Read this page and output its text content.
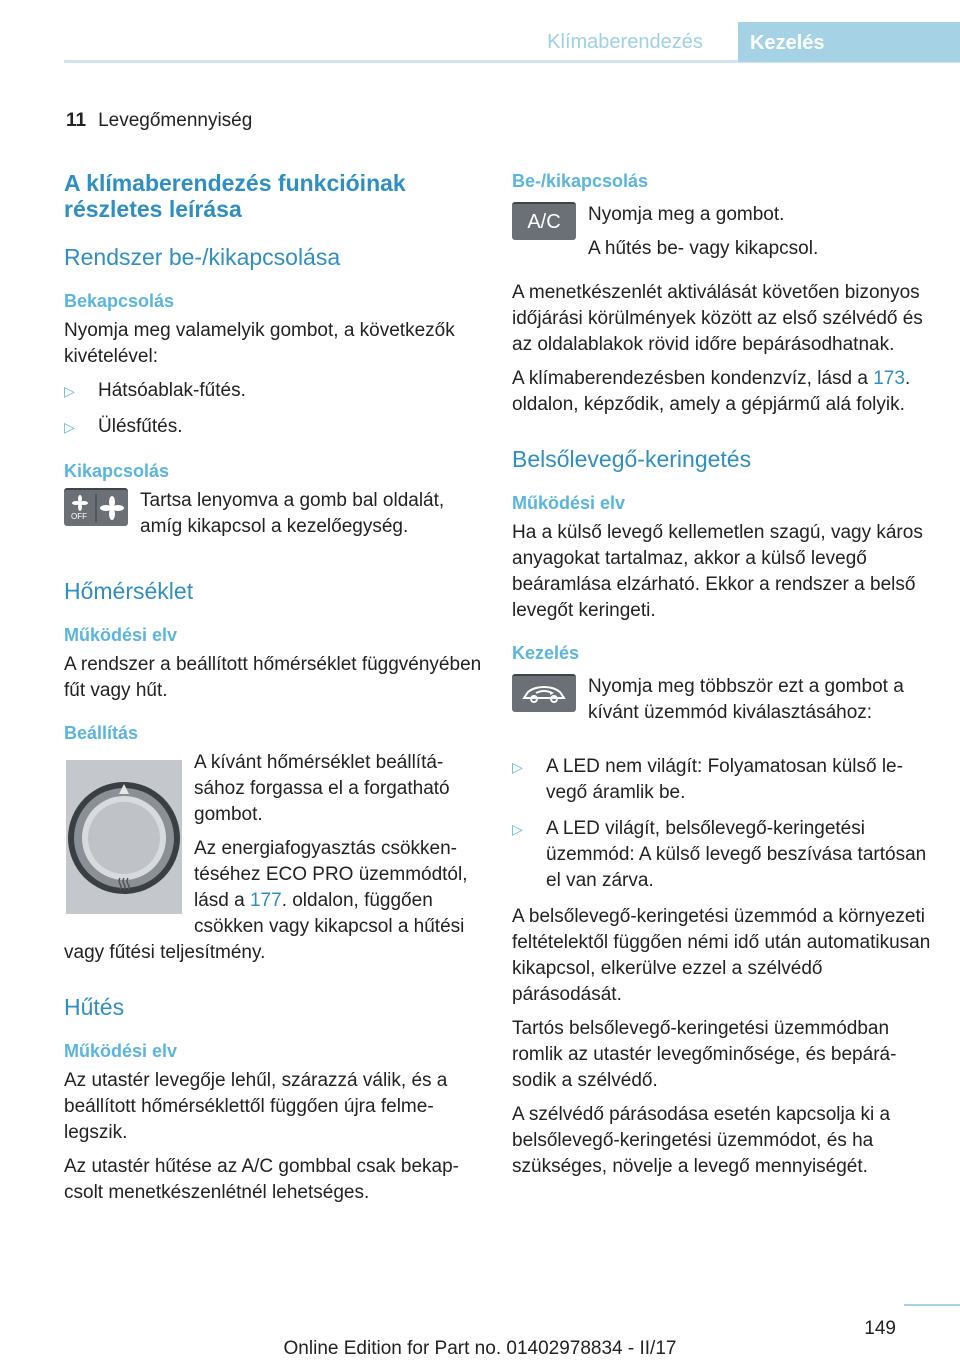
Klímaberendezés	Kezelés
11 Levegőmennyiség
A klímaberendezés funkcióinak részletes leírása
Rendszer be-/kikapcsolása
Bekapcsolás
Nyomja meg valamelyik gombot, a következők kivételével:
▷	Hátsóablak-fűtés.
▷	Ülésfűtés.
Kikapcsolás
OFF
Tartsa lenyomva a gomb bal oldalát, amíg kikapcsol a kezelőegység.
Hőmérséklet
Működési elv
A rendszer a beállított hőmérséklet függvényében fűt vagy hűt.
Beállítás
A kívánt hőmérséklet beállításához forgassa el a forgatható gombot.
Az energiafogyasztás csökkentéséhez ECO PRO üzemmódtól, lásd a 177. oldalon, függően csökken vagy kikapcsol a hűtési vagy fűtési teljesítmény.
Hűtés
Működési elv
Az utastér levegője lehűl, szárazzá válik, és a beállított hőmérséklettől függően újra felmelegszik.
Az utastér hűtése az A/C gombbal csak bekapcsolt menetkészenlétnél lehetséges.
Be-/kikapcsolás
A/C	Nyomja meg a gombot.
A hűtés be- vagy kikapcsol.
A menetkészenlét aktiválását követően bizonyos időjárási körülmények között az első szélvédő és az oldalablakok rövid időre bepárásodhatnak.
A klímaberendezésben kondenzvíz, lásd a 173. oldalon, képződik, amely a gépjármű alá folyik.
Belsőlevegő-keringetés
Működési elv
Ha a külső levegő kellemetlen szagú, vagy káros anyagokat tartalmaz, akkor a külső levegő beáramlása elzárható. Ekkor a rendszer a belső levegőt keringeti.
Kezelés
Nyomja meg többször ezt a gombot a kívánt üzemmód kiválasztásához:
▷	A LED nem világít: Folyamatosan külső levegő áramlik be.
▷	A LED világít, belsőlevegő-keringetési üzemmód: A külső levegő beszívása tartósan el van zárva.
A belsőlevegő-keringetési üzemmód a környezeti feltételektől függően némi idő után automatikusan kikapcsol, elkerülve ezzel a szélvédő párásodását.
Tartós belsőlevegő-keringetési üzemmódban romlik az utastér levegőminősége, és bepárásodik a szélvédő.
A szélvédő párásodása esetén kapcsolja ki a belsőlevegő-keringetési üzemmódot, és ha szükséges, növelje a levegő mennyiségét.
149
Online Edition for Part no. 01402978834 - II/17
